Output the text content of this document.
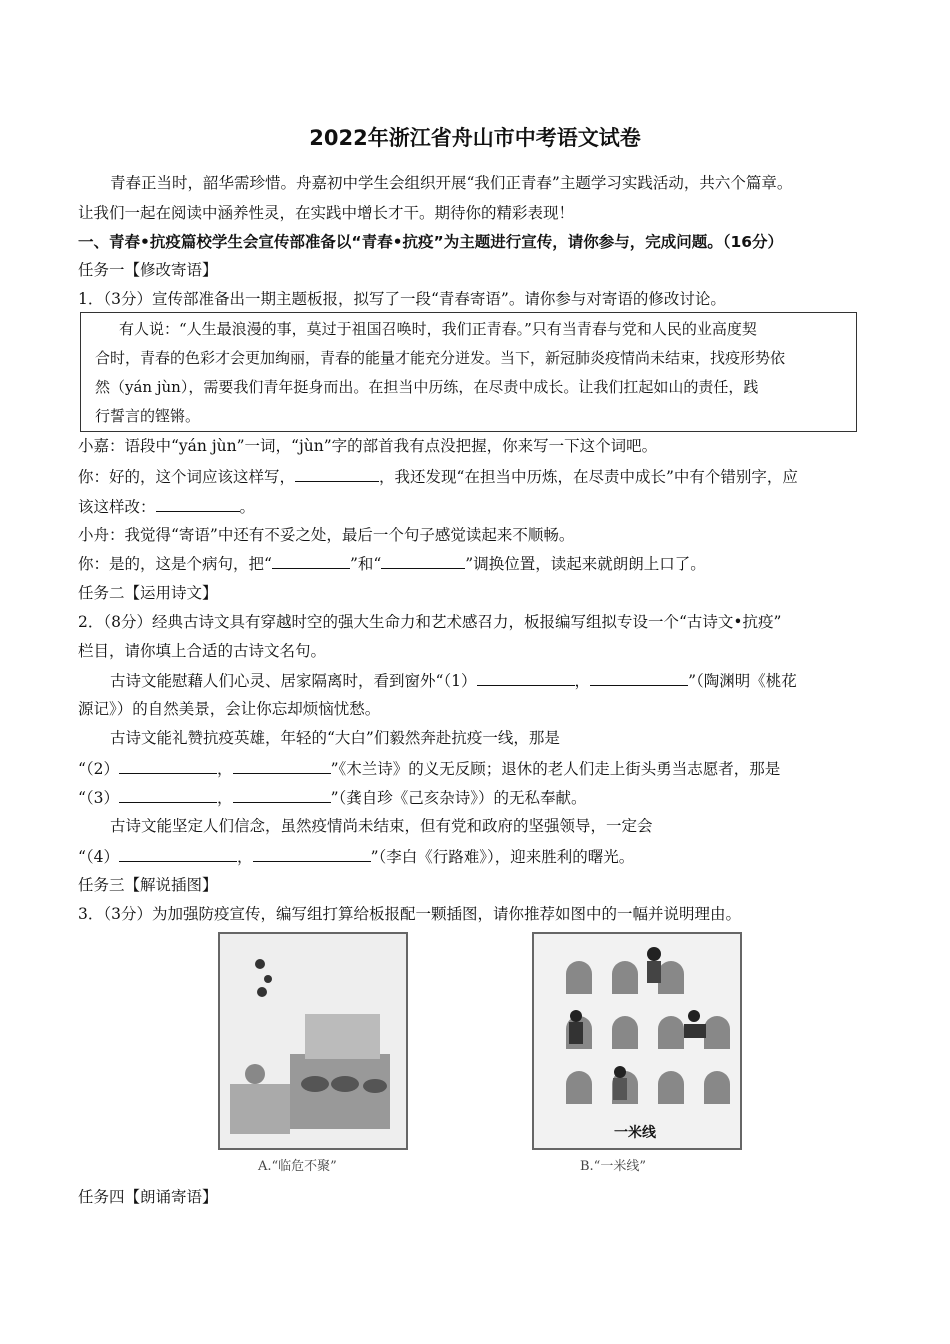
2022年浙江省舟山市中考语文试卷
青春正当时，韶华需珍惜。舟嘉初中学生会组织开展“我们正青春”主题学习实践活动，共六个篇章。
让我们一起在阅读中涵养性灵，在实践中增长才干。期待你的精彩表现！
一、青春•抗疫篇校学生会宣传部准备以“青春•抗疫”为主题进行宣传，请你参与，完成问题。（16分）
任务一【修改寄语】
1．（3分）宣传部准备出一期主题板报，拟写了一段“青春寄语”。请你参与对寄语的修改讨论。
有人说：“人生最浪漫的事，莫过于祖国召唤时，我们正青春。”只有当青春与党和人民的业高度契
合时，青春的色彩才会更加绚丽，青春的能量才能充分迸发。当下，新冠肺炎疫情尚未结束，找疫形势依
然（yán jùn），需要我们青年挺身而出。在担当中历练，在尽责中成长。让我们扛起如山的责任，践
行誓言的铿锵。
小嘉：语段中“yán jùn”一词，“jùn”字的部首我有点没把握，你来写一下这个词吧。
你：好的，这个词应该这样写，	，我还发现“在担当中历炼，在尽责中成长”中有个错别字，应
该这样改：	。
小舟：我觉得“寄语”中还有不妥之处，最后一个句子感觉读起来不顺畅。
你：是的，这是个病句，把“	”和“	”调换位置，读起来就朗朗上口了。
任务二【运用诗文】
2．（8分）经典古诗文具有穿越时空的强大生命力和艺术感召力，板报编写组拟专设一个“古诗文•抗疫”
栏目，请你填上合适的古诗文名句。
古诗文能慰藉人们心灵、居家隔离时，看到窗外“（1）	，	”（陶渊明《桃花
源记》）的自然美景，会让你忘却烦恼忧愁。
古诗文能礼赞抗疫英雄，年轻的“大白”们毅然奔赴抗疫一线，那是
“（2）	，	”《木兰诗》的义无反顾；退休的老人们走上街头勇当志愿者，那是
“（3）	，	”（龚自珍《己亥杂诗》）的无私奉献。
古诗文能坚定人们信念，虽然疫情尚未结束，但有党和政府的坚强领导，一定会
“（4）	，	”（李白《行路难》），迎来胜利的曙光。
任务三【解说插图】
3．（3分）为加强防疫宣传，编写组打算给板报配一颗插图，请你推荐如图中的一幅并说明理由。
A.“临危不聚”
一米线
B.“一米线”
任务四【朗诵寄语】
